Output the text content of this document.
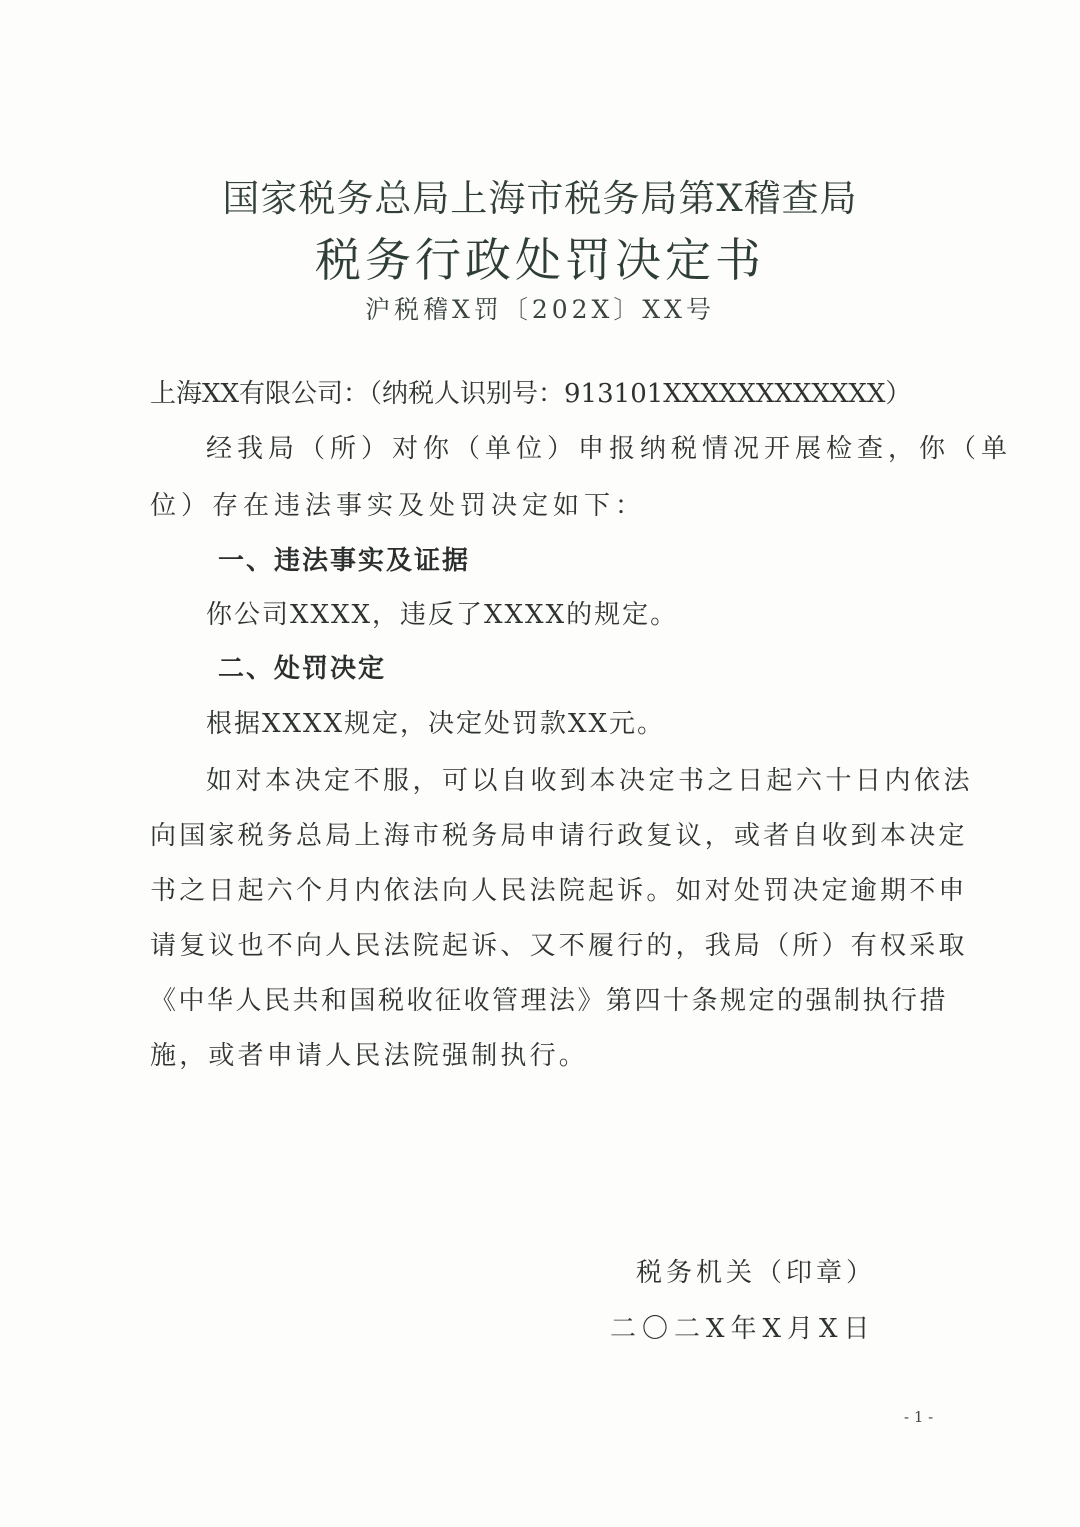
国家税务总局上海市税务局第X稽查局
税务行政处罚决定书
沪税稽X罚〔202X〕XX号
上海XX有限公司：（纳税人识别号：913101XXXXXXXXXXXX）
经我局（所）对你（单位）申报纳税情况开展检查，你（单
位）存在违法事实及处罚决定如下：
一、违法事实及证据
你公司XXXX，违反了XXXX的规定。
二、处罚决定
根据XXXX规定，决定处罚款XX元。
如对本决定不服，可以自收到本决定书之日起六十日内依法
向国家税务总局上海市税务局申请行政复议，或者自收到本决定
书之日起六个月内依法向人民法院起诉。如对处罚决定逾期不申
请复议也不向人民法院起诉、又不履行的，我局（所）有权采取
《中华人民共和国税收征收管理法》第四十条规定的强制执行措
施，或者申请人民法院强制执行。
税务机关（印章）
二〇二X年X月X日
- 1 -
